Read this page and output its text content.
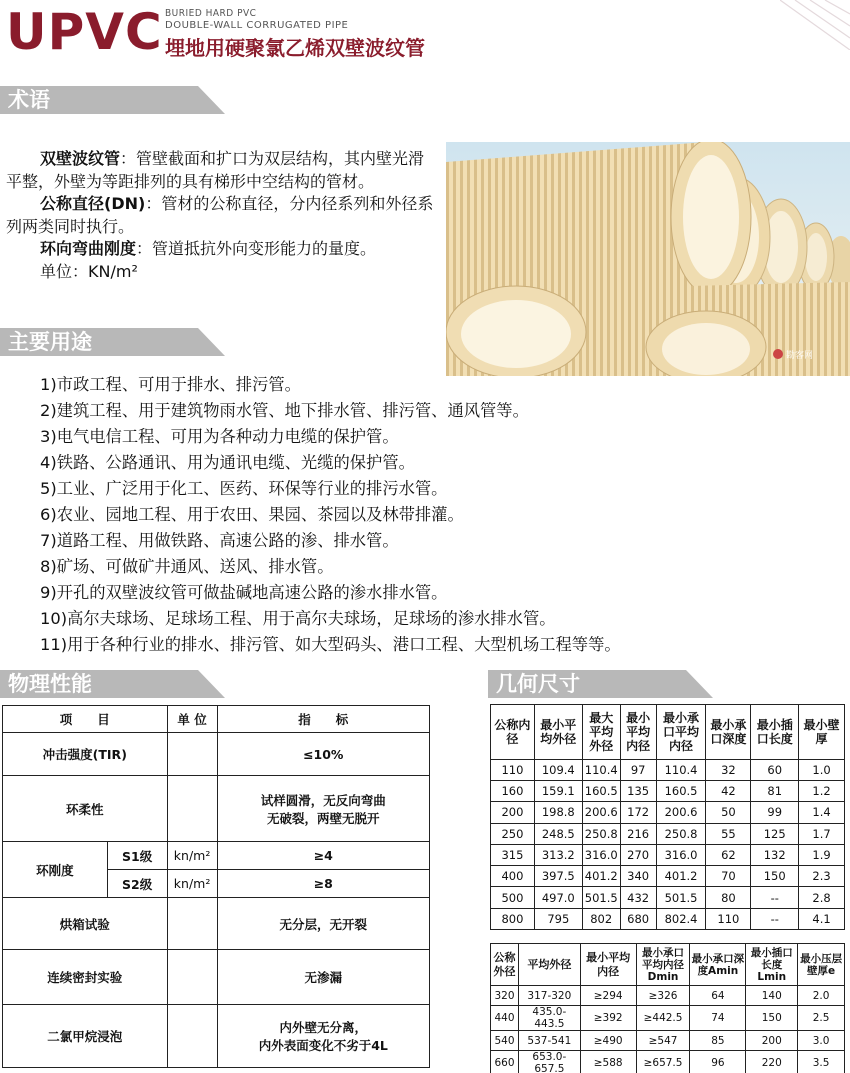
UPVC BURIED HARD PVC
DOUBLE-WALL CORRUGATED PIPE
埋地用硬聚氯乙烯双壁波纹管
术语
双壁波纹管：管壁截面和扩口为双层结构，其内壁光滑平整，外壁为等距排列的具有梯形中空结构的管材。
公称直径(DN)：管材的公称直径，分内径系列和外径系列两类同时执行。
环向弯曲刚度：管道抵抗外向变形能力的量度。
单位：KN/m²
勘客网
主要用途
1)市政工程、可用于排水、排污管。
2)建筑工程、用于建筑物雨水管、地下排水管、排污管、通风管等。
3)电气电信工程、可用为各种动力电缆的保护管。
4)铁路、公路通讯、用为通讯电缆、光缆的保护管。
5)工业、广泛用于化工、医药、环保等行业的排污水管。
6)农业、园地工程、用于农田、果园、茶园以及林带排灌。
7)道路工程、用做铁路、高速公路的渗、排水管。
8)矿场、可做矿井通风、送风、排水管。
9)开孔的双壁波纹管可做盐碱地高速公路的渗水排水管。
10)高尔夫球场、足球场工程、用于高尔夫球场，足球场的渗水排水管。
11)用于各种行业的排水、排污管、如大型码头、港口工程、大型机场工程等等。
物理性能
项　　目		单 位	指　　标
冲击强度(TIR)			≤10%
环柔性			试样圆滑，无反向弯曲
无破裂，两壁无脱开

环刚度	S1级	kn/m²	≥4
	S2级	kn/m²	≥8
烘箱试验			无分层，无开裂
连续密封实验			无渗漏
二氯甲烷浸泡			内外壁无分离，
内外表面变化不劣于4L
几何尺寸
公称内径	最小平均外径	最大平均外径	最小平均内径	最小承口平均内径	最小承口深度	最小插口长度	最小壁厚
110	109.4	110.4	97	110.4	32	60	1.0
160	159.1	160.5	135	160.5	42	81	1.2
200	198.8	200.6	172	200.6	50	99	1.4
250	248.5	250.8	216	250.8	55	125	1.7
315	313.2	316.0	270	316.0	62	132	1.9
400	397.5	401.2	340	401.2	70	150	2.3
500	497.0	501.5	432	501.5	80	--	2.8
800	795	802	680	802.4	110	--	4.1
公称外径	平均外径	最小平均内径	最小承口平均内径Dmin	最小承口深度Amin	最小插口长度Lmin	最小压层壁厚e
320	317-320	≥294	≥326	64	140	2.0
440	435.0-443.5	≥392	≥442.5	74	150	2.5
540	537-541	≥490	≥547	85	200	3.0
660	653.0-657.5	≥588	≥657.5	96	220	3.5
